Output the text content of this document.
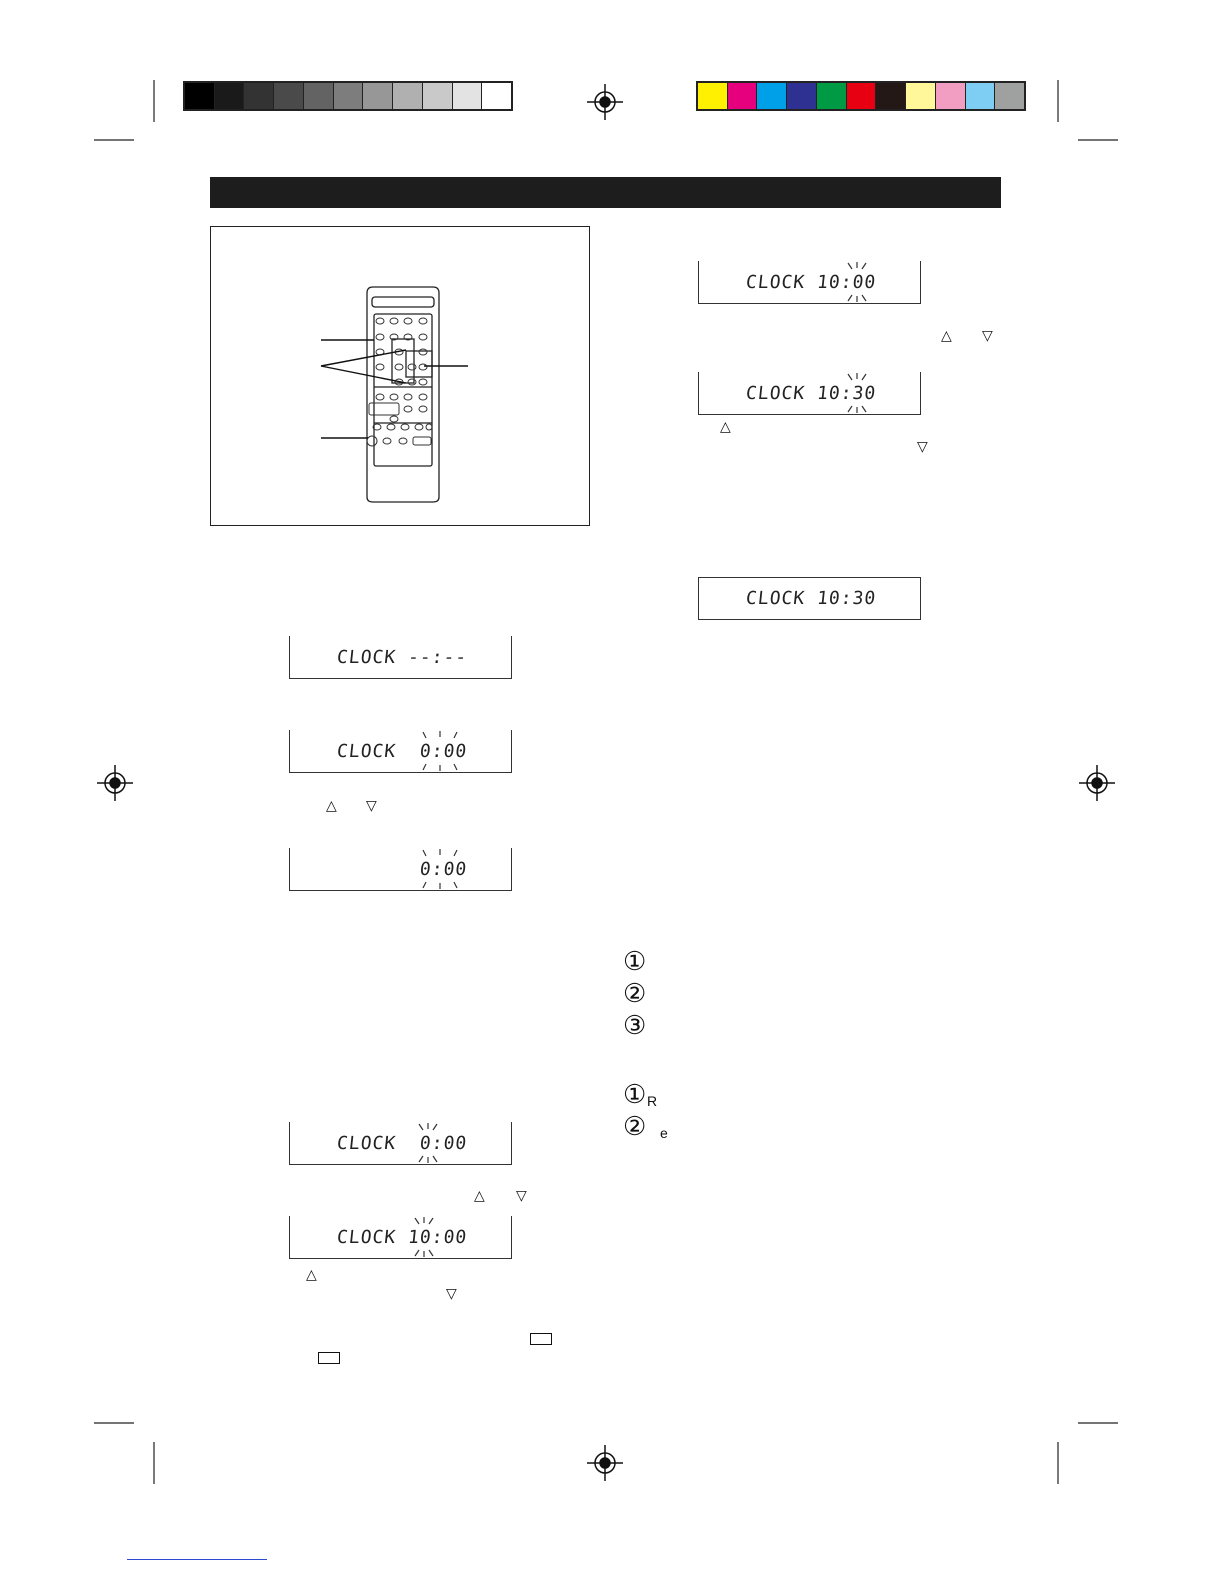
CLOCK --:--
CLOCK  0:00
△ ▽
0:00
CLOCK  0:00
△ ▽
CLOCK 10:00
△
▽
CLOCK 10:00
△ ▽
CLOCK 10:30
△
▽
CLOCK 10:30
①
②
③
① R
② e
